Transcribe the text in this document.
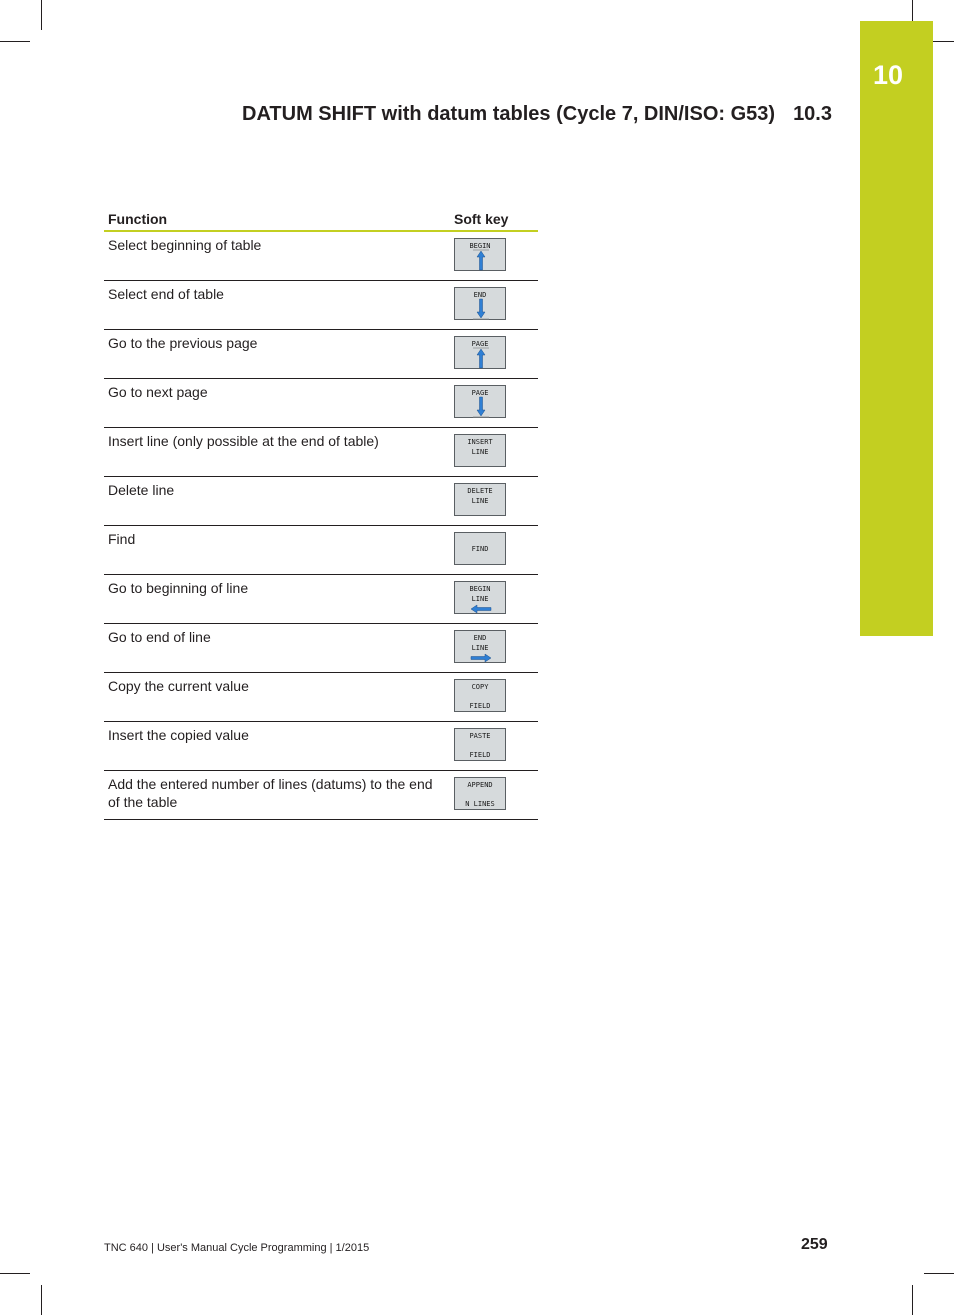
10
DATUM SHIFT with datum tables (Cycle 7, DIN/ISO: G53) 10.3
Function	Soft key
Select beginning of table	BEGIN

Select end of table	END

Go to the previous page	PAGE

Go to next page	PAGE

Insert line (only possible at the end of table)	INSERT
LINE

Delete line	DELETE
LINE

Find	FIND

Go to beginning of line	BEGIN
LINE

Go to end of line	END
LINE

Copy the current value	COPY
FIELD

Insert the copied value	PASTE
FIELD

Add the entered number of lines (datums) to the end of the table	APPEND
N LINES
TNC 640 | User's Manual Cycle Programming | 1/2015	259
